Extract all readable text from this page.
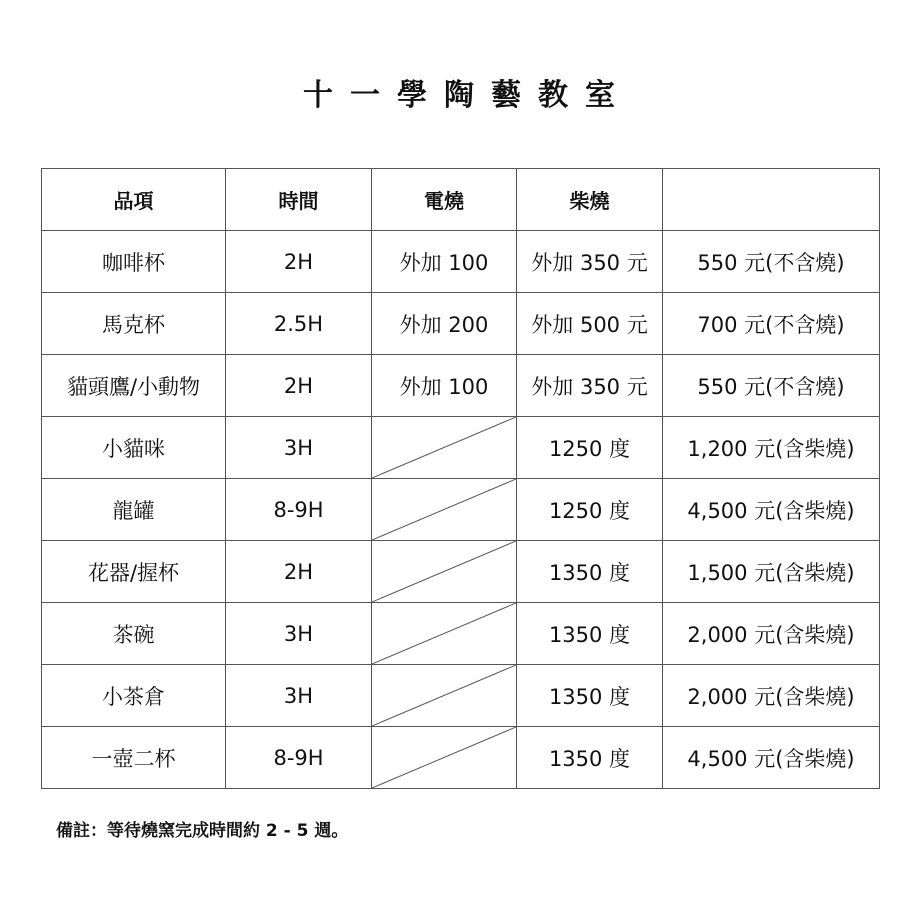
十一學陶藝教室
品項	時間	電燒	柴燒	
咖啡杯	2H	外加 100	外加 350 元	550 元(不含燒)
馬克杯	2.5H	外加 200	外加 500 元	700 元(不含燒)
貓頭鷹/小動物	2H	外加 100	外加 350 元	550 元(不含燒)
小貓咪	3H		1250 度	1,200 元(含柴燒)
龍罐	8-9H		1250 度	4,500 元(含柴燒)
花器/握杯	2H		1350 度	1,500 元(含柴燒)
茶碗	3H		1350 度	2,000 元(含柴燒)
小茶倉	3H		1350 度	2,000 元(含柴燒)
一壺二杯	8-9H		1350 度	4,500 元(含柴燒)
備註：等待燒窯完成時間約 2 - 5 週。
